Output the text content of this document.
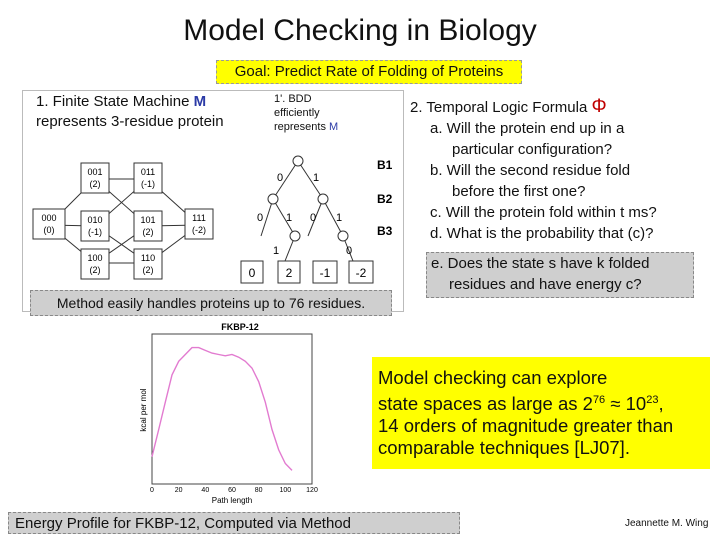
Model Checking in Biology
Goal: Predict Rate of Folding of Proteins
001
(2)
011
(-1)
000
(0)
010
(-1)
101
(2)
111
(-2)
100
(2)
110
(2)
0	1
0 1 0 1
1	0
B1
B2
B3
0	2 -1 -2
1. Finite State Machine M
represents 3-residue protein
1'. BDD
efficiently
represents M
Method easily handles proteins up to 76 residues.
2. Temporal Logic Formula Φ
a. Will the protein end up in a
particular configuration?
b. Will the second residue fold
before the first one?
c. Will the protein fold within t ms?
d. What is the probability that (c)?
e. Does the state s have k folded
residues and have energy c?
FKBP-12
kcal per mol
Path length
0	20	40	60	80 100 120
Model checking can explore
state spaces as large as $2^{76} \approx 10^{23}$,
14 orders of magnitude greater than
comparable techniques [LJ07].
Energy Profile for FKBP-12, Computed via Method	Jeannette M. Wing
